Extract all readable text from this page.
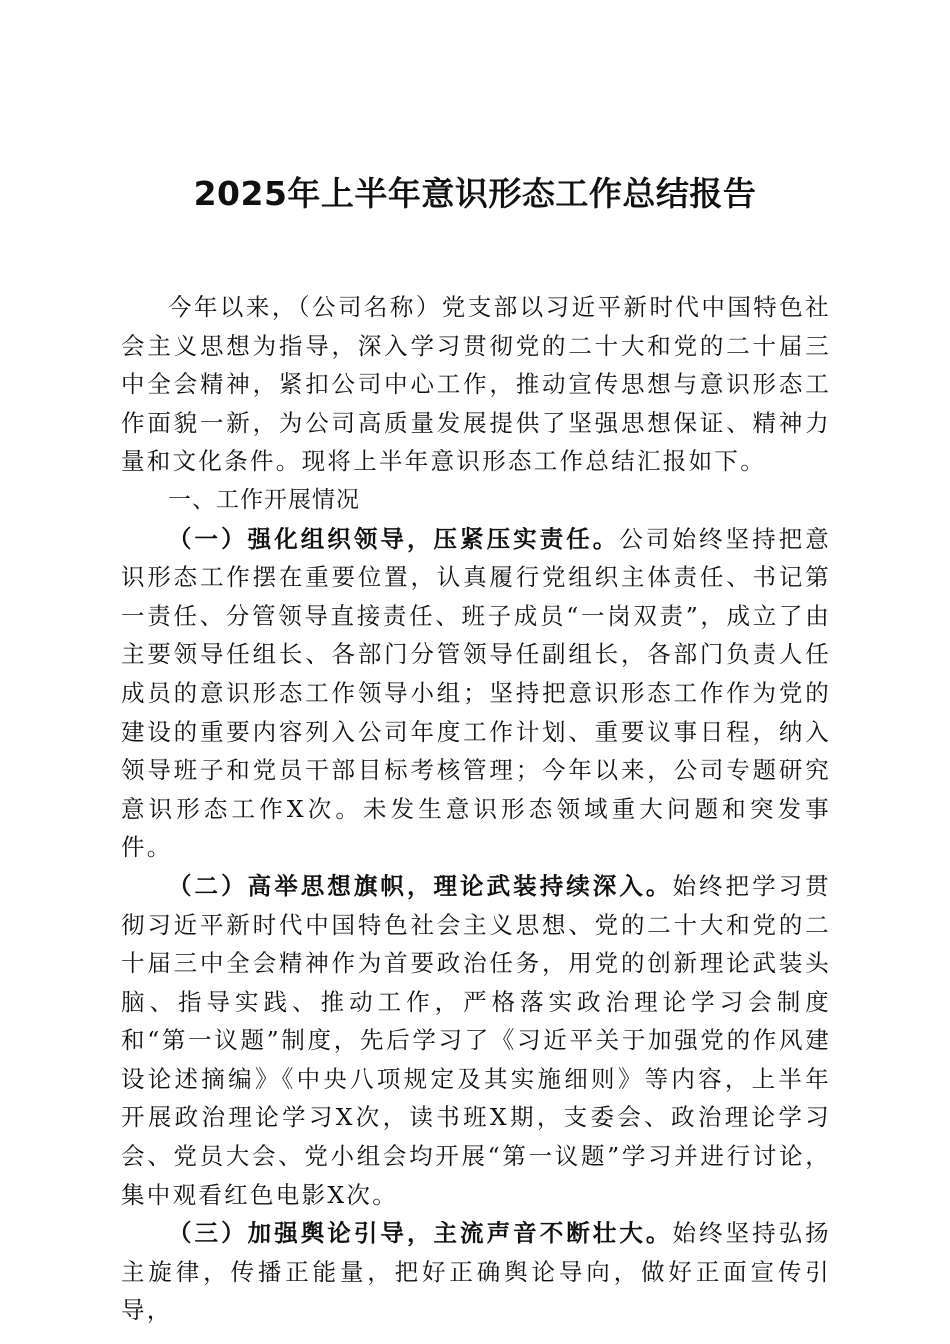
2025年上半年意识形态工作总结报告

今年以来，（公司名称）党支部以习近平新时代中国特色社会主义思想为指导，深入学习贯彻党的二十大和党的二十届三中全会精神，紧扣公司中心工作，推动宣传思想与意识形态工作面貌一新，为公司高质量发展提供了坚强思想保证、精神力量和文化条件。现将上半年意识形态工作总结汇报如下。

一、工作开展情况

（一）强化组织领导，压紧压实责任。公司始终坚持把意识形态工作摆在重要位置，认真履行党组织主体责任、书记第一责任、分管领导直接责任、班子成员“一岗双责”，成立了由主要领导任组长、各部门分管领导任副组长，各部门负责人任成员的意识形态工作领导小组；坚持把意识形态工作作为党的建设的重要内容列入公司年度工作计划、重要议事日程，纳入领导班子和党员干部目标考核管理；今年以来，公司专题研究意识形态工作X次。未发生意识形态领域重大问题和突发事件。

（二）高举思想旗帜，理论武装持续深入。始终把学习贯彻习近平新时代中国特色社会主义思想、党的二十大和党的二十届三中全会精神作为首要政治任务，用党的创新理论武装头脑、指导实践、推动工作，严格落实政治理论学习会制度和“第一议题”制度，先后学习了《习近平关于加强党的作风建设论述摘编》《中央八项规定及其实施细则》等内容，上半年开展政治理论学习X次，读书班X期，支委会、政治理论学习会、党员大会、党小组会均开展“第一议题”学习并进行讨论，集中观看红色电影X次。

（三）加强舆论引导，主流声音不断壮大。始终坚持弘扬主旋律，传播正能量，把好正确舆论导向，做好正面宣传引导，
